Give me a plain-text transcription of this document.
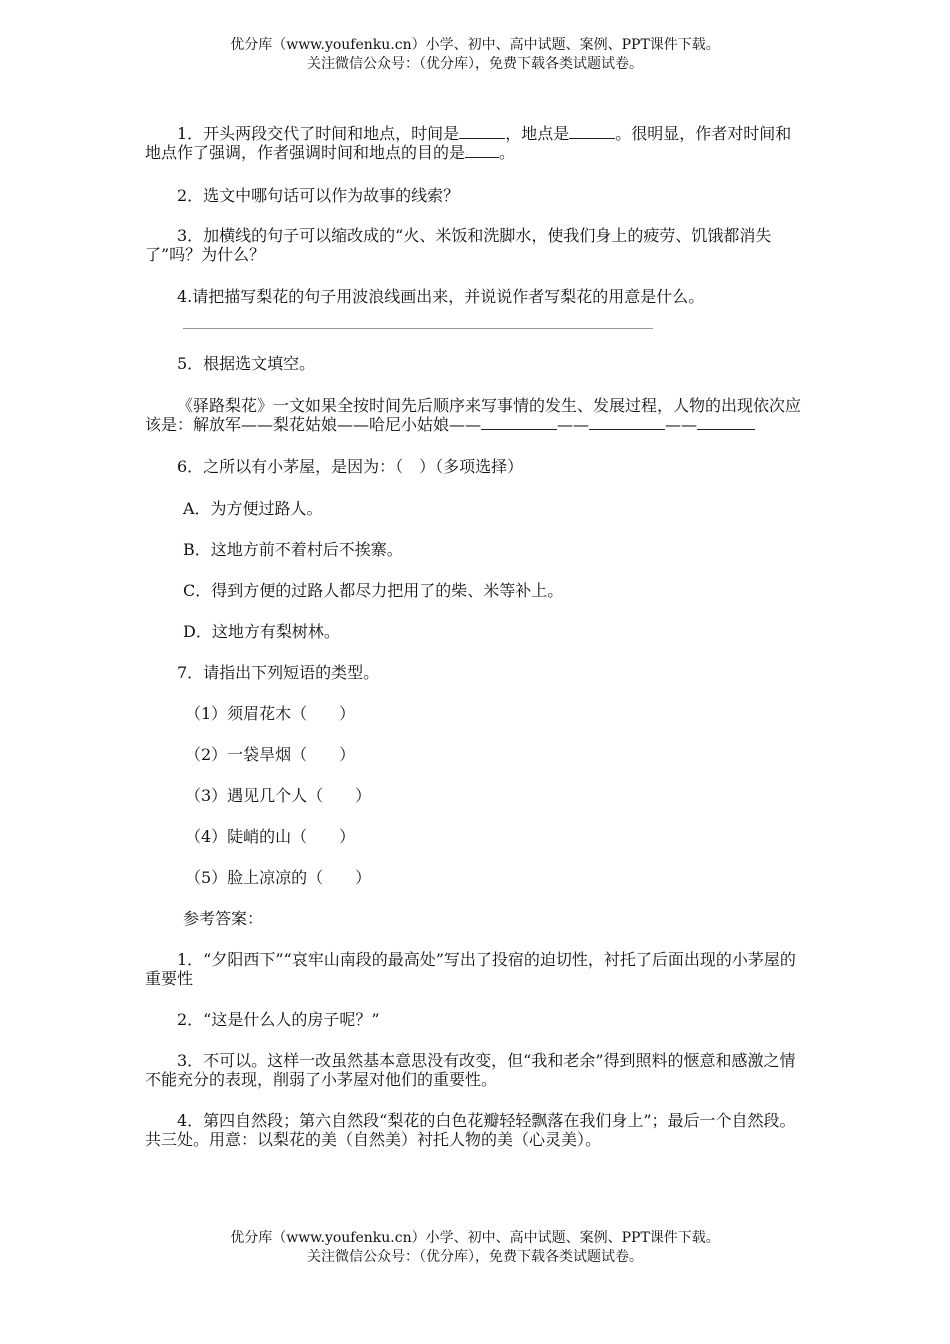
优分库（www.youfenku.cn）小学、初中、高中试题、案例、PPT课件下载。
关注微信公众号：（优分库），免费下载各类试题试卷。

1．开头两段交代了时间和地点，时间是	，地点是	。很明显，作者对时间和地点作了强调，作者强调时间和地点的目的是 。

2．选文中哪句话可以作为故事的线索？

3．加横线的句子可以缩改成的“火、米饭和洗脚水，使我们身上的疲劳、饥饿都消失了”吗？为什么？

4.请把描写梨花的句子用波浪线画出来，并说说作者写梨花的用意是什么。

5．根据选文填空。

《驿路梨花》一文如果全按时间先后顺序来写事情的发生、发展过程，人物的出现依次应该是：解放军——梨花姑娘——哈尼小姑娘——	——	——

6．之所以有小茅屋，是因为：（　）（多项选择）

A．为方便过路人。

B．这地方前不着村后不挨寨。

C．得到方便的过路人都尽力把用了的柴、米等补上。

D．这地方有梨树林。

7．请指出下列短语的类型。

（1）须眉花木（　　）

（2）一袋旱烟（　　）

（3）遇见几个人（　　）

（4）陡峭的山（　　）

（5）脸上凉凉的（　　）

参考答案：

1．“夕阳西下”“哀牢山南段的最高处”写出了投宿的迫切性，衬托了后面出现的小茅屋的重要性

2．“这是什么人的房子呢？”

3．不可以。这样一改虽然基本意思没有改变，但“我和老余”得到照料的惬意和感激之情不能充分的表现，削弱了小茅屋对他们的重要性。

4．第四自然段；第六自然段“梨花的白色花瓣轻轻飘落在我们身上”；最后一个自然段。共三处。用意：以梨花的美（自然美）衬托人物的美（心灵美）。

优分库（www.youfenku.cn）小学、初中、高中试题、案例、PPT课件下载。
关注微信公众号：（优分库），免费下载各类试题试卷。
